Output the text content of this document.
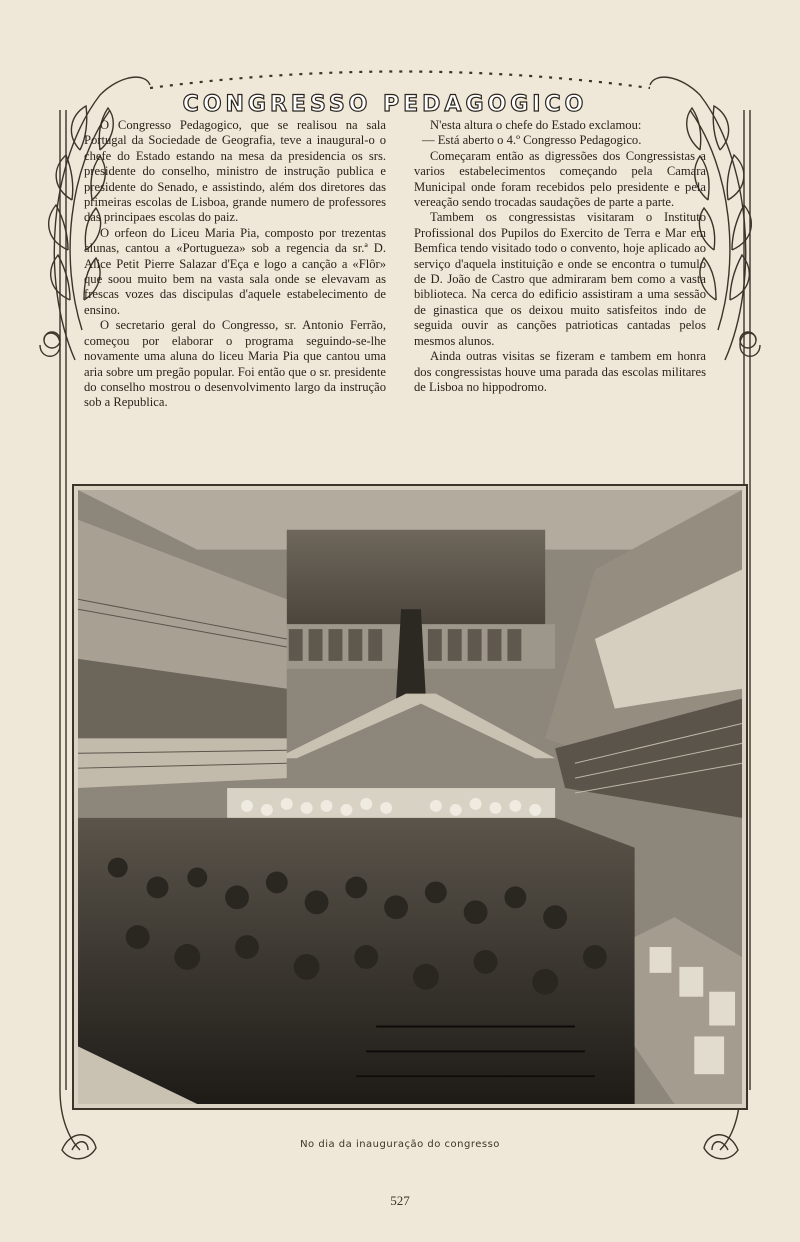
CONGRESSO PEDAGOGICO

O Congresso Pedagogico, que se realisou na sala Portugal da Sociedade de Geografia, teve a inaugural-o o chefe do Estado estando na mesa da presidencia os srs. presidente do conselho, ministro de instrução publica e presidente do Senado, e assistindo, além dos diretores das primeiras escolas de Lisboa, grande numero de professores das principaes escolas do paiz.

O orfeon do Liceu Maria Pia, composto por trezentas alunas, cantou a «Portugueza» sob a regencia da sr.ª D. Alice Petit Pierre Salazar d'Eça e logo a canção a «Flôr» que soou muito bem na vasta sala onde se elevavam as frescas vozes das discipulas d'aquele estabelecimento de ensino.

O secretario geral do Congresso, sr. Antonio Ferrão, começou por elaborar o programa seguindo-se-lhe novamente uma aluna do liceu Maria Pia que cantou uma aria sobre um pregão popular. Foi então que o sr. presidente do conselho mostrou o desenvolvimento largo da instrução sob a Republica.

N'esta altura o chefe do Estado exclamou:

— Está aberto o 4.º Congresso Pedagogico.

Começaram então as digressões dos Congressistas a varios estabelecimentos começando pela Camara Municipal onde foram recebidos pelo presidente e pela vereação sendo trocadas saudações de parte a parte.

Tambem os congressistas visitaram o Instituto Profissional dos Pupilos do Exercito de Terra e Mar em Bemfica tendo visitado todo o convento, hoje aplicado ao serviço d'aquela instituição e onde se encontra o tumulo de D. João de Castro que admiraram bem como a vasta biblioteca. Na cerca do edificio assistiram a uma sessão de ginastica que os deixou muito satisfeitos indo de seguida ouvir as canções patrioticas cantadas pelos mesmos alunos.

Ainda outras visitas se fizeram e tambem em honra dos congressistas houve uma parada das escolas militares de Lisboa no hippodromo.

No dia da inauguração do congresso
527
